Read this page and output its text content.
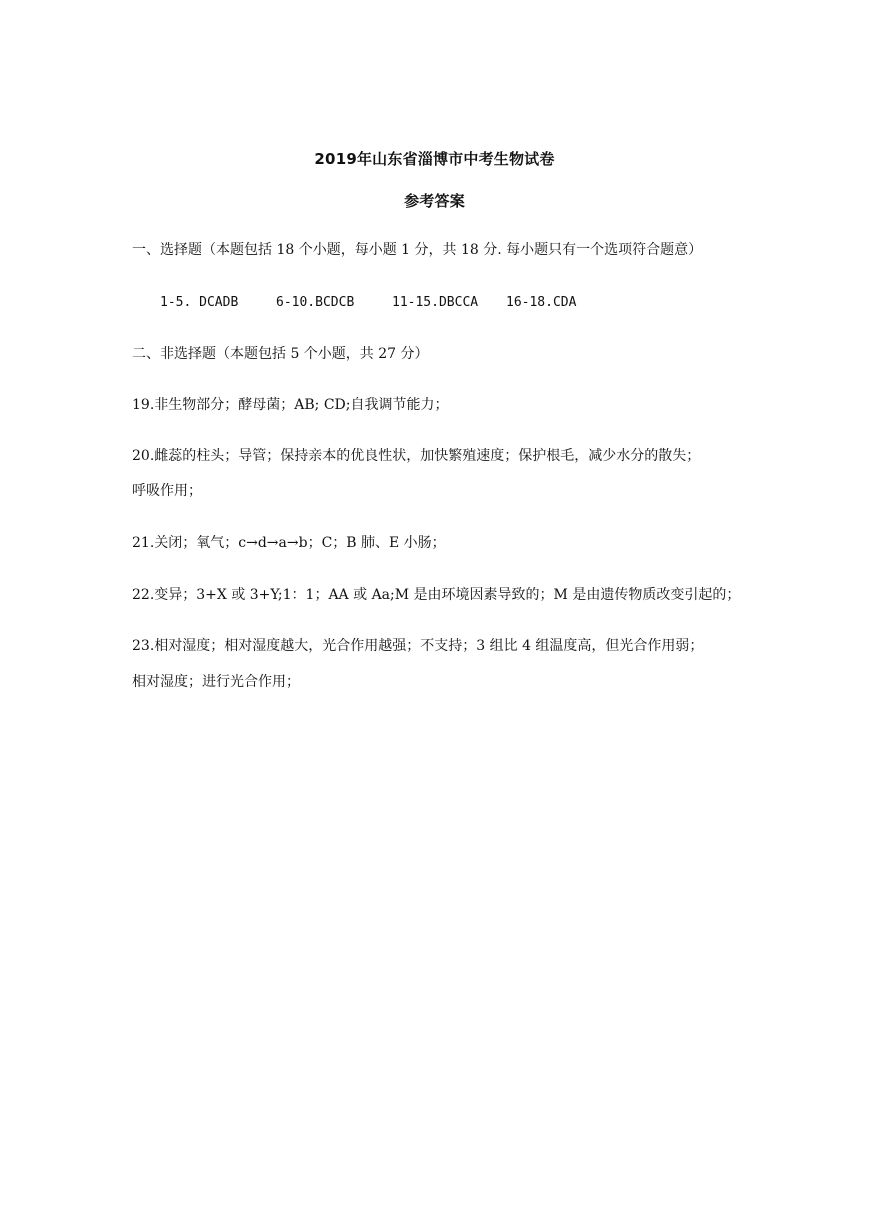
2019年山东省淄博市中考生物试卷
参考答案
一、选择题（本题包括 18 个小题，每小题 1 分，共 18 分. 每小题只有一个选项符合题意）
1-5. DCADB	6-10.BCDCB	11-15.DBCCA 16-18.CDA
二、非选择题（本题包括 5 个小题，共 27 分）
19.非生物部分；酵母菌；AB; CD;自我调节能力；
20.雌蕊的柱头；导管；保持亲本的优良性状，加快繁殖速度；保护根毛，减少水分的散失；
呼吸作用；
21.关闭；氧气；c→d→a→b；C；B 肺、E 小肠；
22.变异；3+X 或 3+Y;1：1；AA 或 Aa;M 是由环境因素导致的；M 是由遗传物质改变引起的；
23.相对湿度；相对湿度越大，光合作用越强；不支持；3 组比 4 组温度高，但光合作用弱；
相对湿度；进行光合作用；
